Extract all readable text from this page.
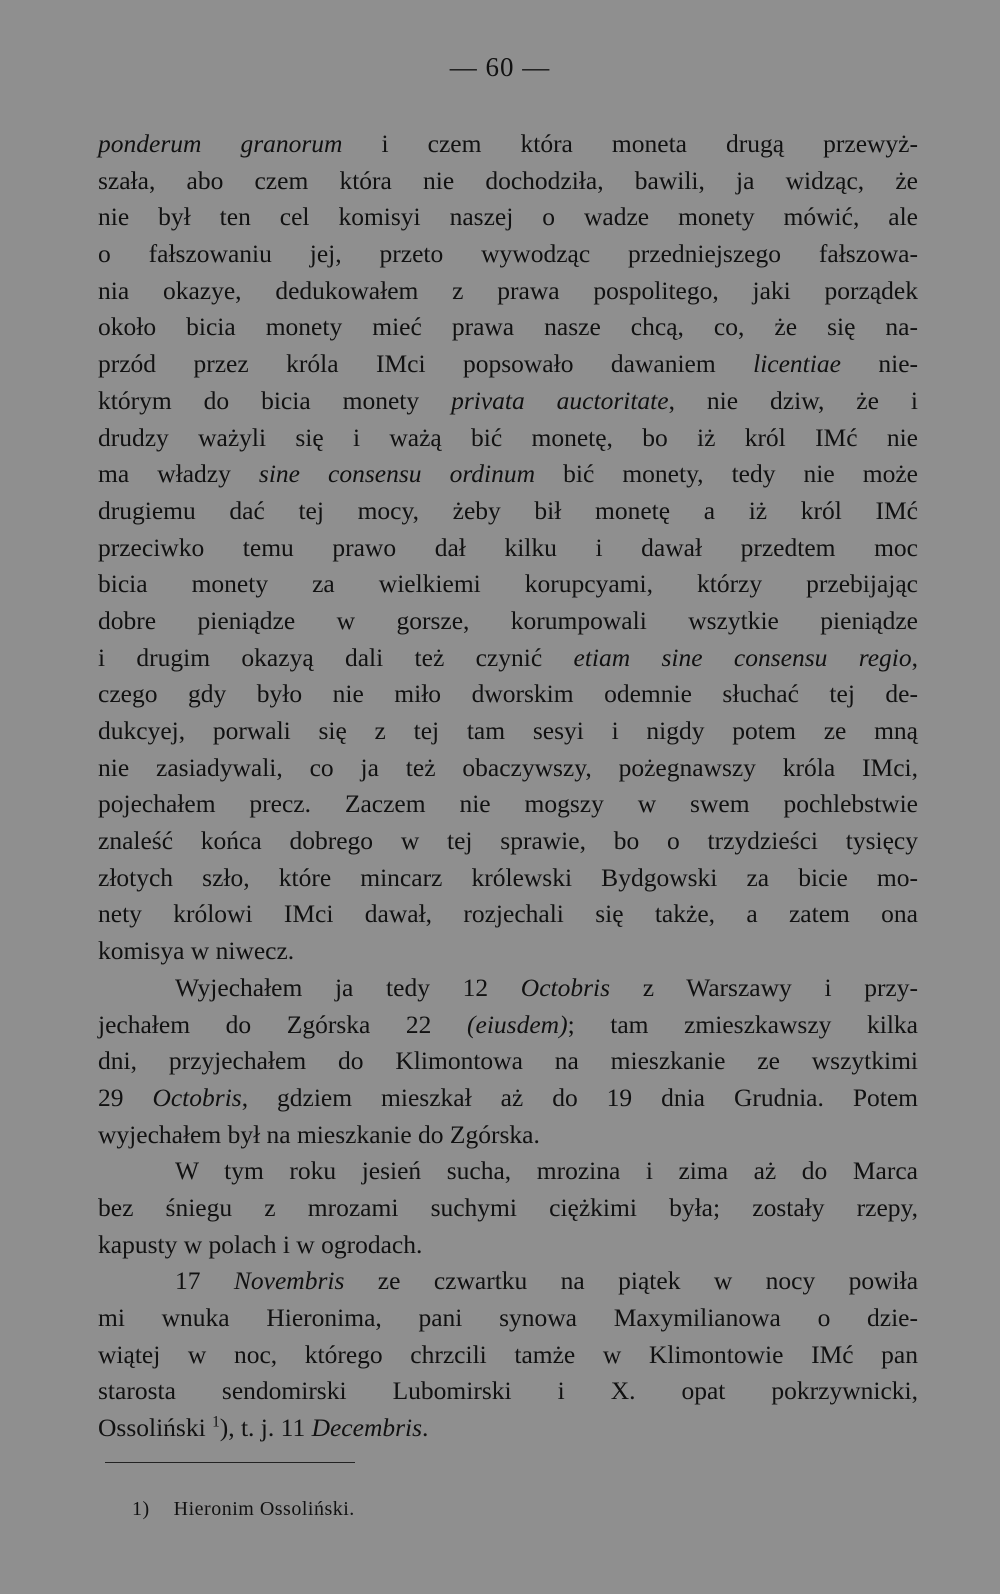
— 60 —
ponderum granorum i czem która moneta drugą przewyż-
szała, abo czem która nie dochodziła, bawili, ja widząc, że
nie był ten cel komisyi naszej o wadze monety mówić, ale
o fałszowaniu jej, przeto wywodząc przedniejszego fałszowa-
nia okazye, dedukowałem z prawa pospolitego, jaki porządek
około bicia monety mieć prawa nasze chcą, co, że się na-
przód przez króla IMci popsowało dawaniem licentiae nie-
którym do bicia monety privata auctoritate, nie dziw, że i
drudzy ważyli się i ważą bić monetę, bo iż król IMć nie
ma władzy sine consensu ordinum bić monety, tedy nie może
drugiemu dać tej mocy, żeby bił monetę a iż król IMć
przeciwko temu prawo dał kilku i dawał przedtem moc
bicia monety za wielkiemi korupcyami, którzy przebijając
dobre pieniądze w gorsze, korumpowali wszytkie pieniądze
i drugim okazyą dali też czynić etiam sine consensu regio,
czego gdy było nie miło dworskim odemnie słuchać tej de-
dukcyej, porwali się z tej tam sesyi i nigdy potem ze mną
nie zasiadywali, co ja też obaczywszy, pożegnawszy króla IMci,
pojechałem precz. Zaczem nie mogszy w swem pochlebstwie
znaleść końca dobrego w tej sprawie, bo o trzydzieści tysięcy
złotych szło, które mincarz królewski Bydgowski za bicie mo-
nety królowi IMci dawał, rozjechali się także, a zatem ona
komisya w niwecz.
Wyjechałem ja tedy 12 Octobris z Warszawy i przy-
jechałem do Zgórska 22 (eiusdem); tam zmieszkawszy kilka
dni, przyjechałem do Klimontowa na mieszkanie ze wszytkimi
29 Octobris, gdziem mieszkał aż do 19 dnia Grudnia. Potem
wyjechałem był na mieszkanie do Zgórska.
W tym roku jesień sucha, mrozina i zima aż do Marca
bez śniegu z mrozami suchymi ciężkimi była; zostały rzepy,
kapusty w polach i w ogrodach.
17 Novembris ze czwartku na piątek w nocy powiła
mi wnuka Hieronima, pani synowa Maxymilianowa o dzie-
wiątej w noc, którego chrzcili tamże w Klimontowie IMć pan
starosta sendomirski Lubomirski i X. opat pokrzywnicki,
Ossoliński $^1$), t. j. 11 Decembris.
1) Hieronim Ossoliński.
